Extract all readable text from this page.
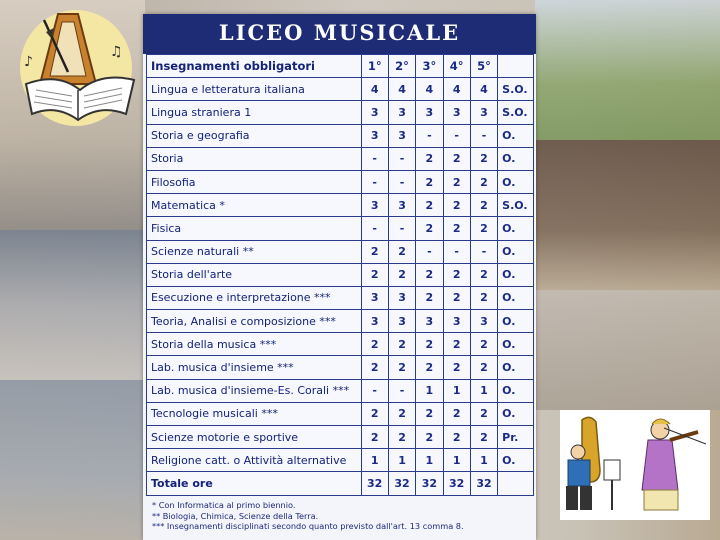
♪
♫
LICEO MUSICALE
Insegnamenti obbligatori	1°	2°	3°	4°	5°	
Lingua e letteratura italiana	4	4	4	4	4	S.O.
Lingua straniera 1	3	3	3	3	3	S.O.
Storia e geografia	3	3	-	-	-	O.
Storia	-	-	2	2	2	O.
Filosofia	-	-	2	2	2	O.
Matematica *	3	3	2	2	2	S.O.
Fisica	-	-	2	2	2	O.
Scienze naturali **	2	2	-	-	-	O.
Storia dell'arte	2	2	2	2	2	O.
Esecuzione e interpretazione ***	3	3	2	2	2	O.
Teoria, Analisi e composizione ***	3	3	3	3	3	O.
Storia della musica ***	2	2	2	2	2	O.
Lab. musica d'insieme ***	2	2	2	2	2	O.
Lab. musica d'insieme-Es. Corali ***	-	-	1	1	1	O.
Tecnologie musicali ***	2	2	2	2	2	O.
Scienze motorie e sportive	2	2	2	2	2	Pr.
Religione catt. o Attività alternative	1	1	1	1	1	O.
Totale ore	32	32	32	32	32	
* Con Informatica al primo biennio.
** Biologia, Chimica, Scienze della Terra.
*** Insegnamenti disciplinati secondo quanto previsto dall'art. 13 comma 8.
